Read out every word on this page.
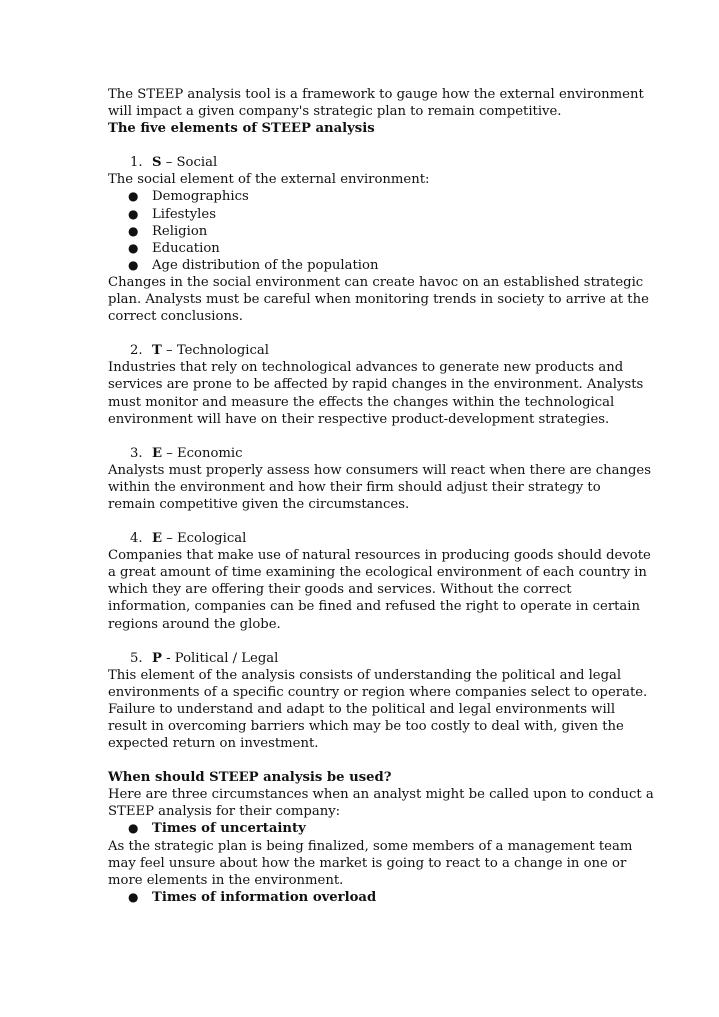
The STEEP analysis tool is a framework to gauge how the external environment
will impact a given company's strategic plan to remain competitive.
The five elements of STEEP analysis
1. S – Social
The social element of the external environment:
● Demographics
● Lifestyles
● Religion
● Education
● Age distribution of the population
Changes in the social environment can create havoc on an established strategic
plan. Analysts must be careful when monitoring trends in society to arrive at the
correct conclusions.
2. T – Technological
Industries that rely on technological advances to generate new products and
services are prone to be affected by rapid changes in the environment. Analysts
must monitor and measure the effects the changes within the technological
environment will have on their respective product-development strategies.
3. E – Economic
Analysts must properly assess how consumers will react when there are changes
within the environment and how their firm should adjust their strategy to
remain competitive given the circumstances.
4. E – Ecological
Companies that make use of natural resources in producing goods should devote
a great amount of time examining the ecological environment of each country in
which they are offering their goods and services. Without the correct
information, companies can be fined and refused the right to operate in certain
regions around the globe.
5. P - Political / Legal
This element of the analysis consists of understanding the political and legal
environments of a specific country or region where companies select to operate.
Failure to understand and adapt to the political and legal environments will
result in overcoming barriers which may be too costly to deal with, given the
expected return on investment.
When should STEEP analysis be used?
Here are three circumstances when an analyst might be called upon to conduct a
STEEP analysis for their company:
● Times of uncertainty
As the strategic plan is being finalized, some members of a management team
may feel unsure about how the market is going to react to a change in one or
more elements in the environment.
● Times of information overload
